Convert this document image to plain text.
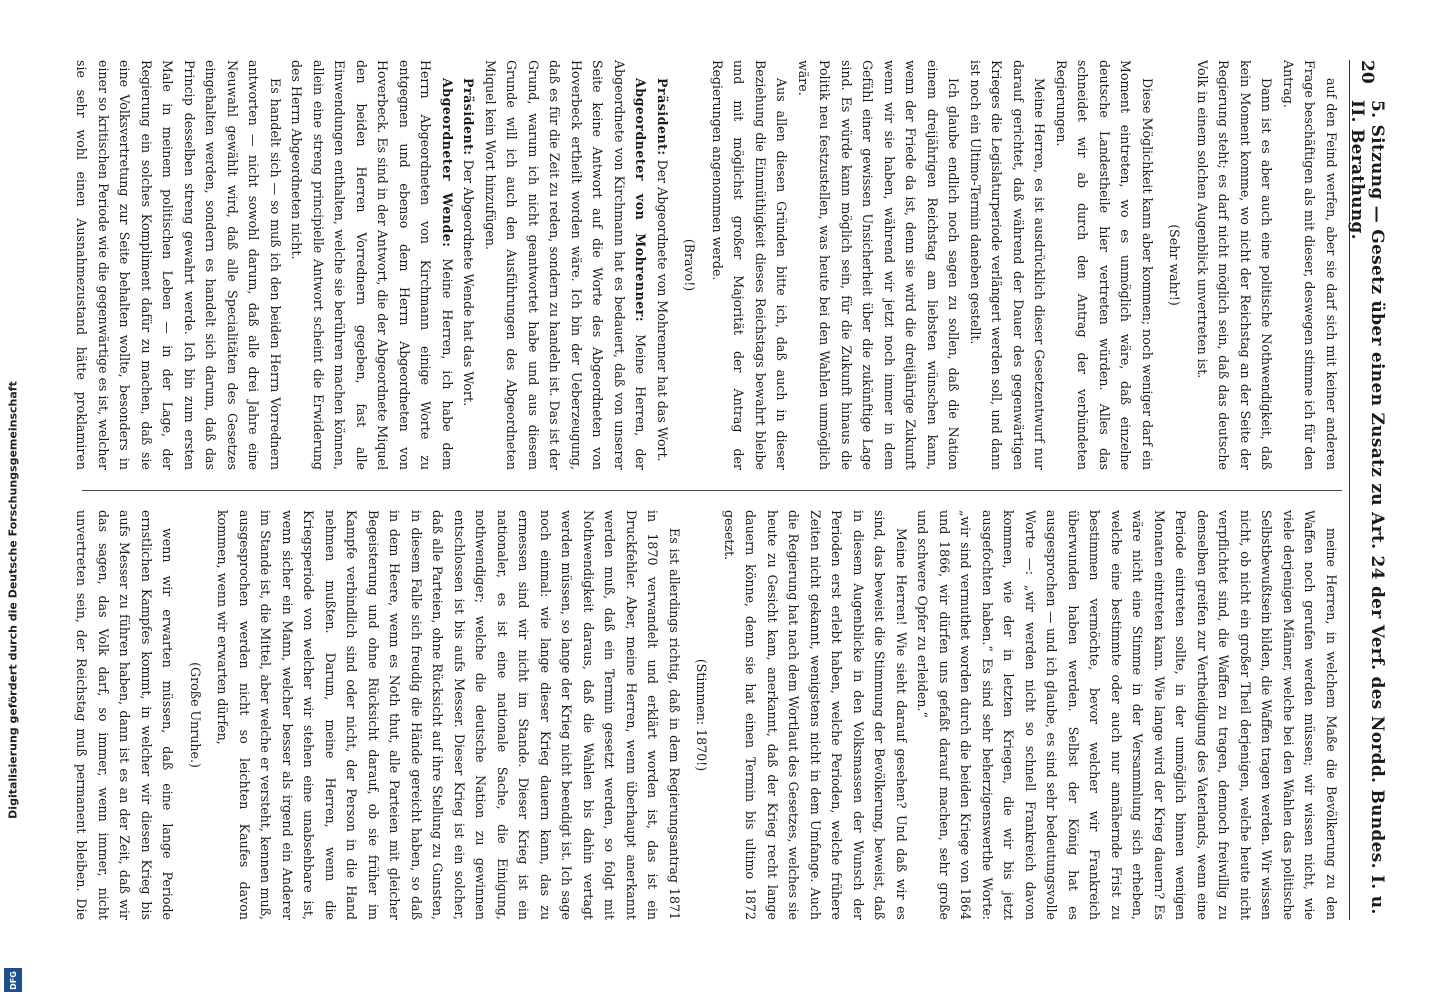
Digitalisierung gefördert durch die Deutsche Forschungsgemeinschaft
DFG
20
5. Sitzung — Gesetz über einen Zusatz zu Art. 24 der Verf. des Nordd. Bundes. I. u. II. Berathung.

auf den Feind werfen, aber sie darf sich mit keiner anderen Frage beschäftigen als mit dieser, deswegen stimme ich für den Antrag.

Dann ist es aber auch eine politische Nothwendigkeit, daß kein Moment komme, wo nicht der Reichstag an der Seite der Regierung steht; es darf nicht möglich sein, daß das deutsche Volk in einem solchen Augenblick unvertreten ist.

(Sehr wahr!)

Diese Möglichkeit kann aber kommen; noch weniger darf ein Moment eintreten, wo es unmöglich wäre, daß einzelne deutsche Landestheile hier vertreten würden. Alles das schneidet wir ab durch den Antrag der verbündeten Regierungen.

Meine Herren, es ist ausdrücklich dieser Gesetzentwurf nur darauf gerichtet, daß während der Dauer des gegenwärtigen Krieges die Legislaturperiode verlängert werden soll, und dann ist noch ein Ultimo-Termin daneben gestellt.

Ich glaube endlich noch sagen zu sollen, daß die Nation einem dreijährigen Reichstag am liebsten wünschen kann, wenn der Friede da ist, denn sie wird die dreijährige Zukunft wenn wir sie haben, während wir jetzt noch immer in dem Gefühl einer gewissen Unsicherheit über die zukünftige Lage sind. Es würde kann möglich sein, für die Zukunft hinaus die Politik neu festzustellen, was heute bei den Wahlen unmöglich wäre.

Aus allen diesen Gründen bitte ich, daß auch in dieser Beziehung die Einmüthigkeit dieses Reichstags bewahrt bleibe und mit möglichst großer Majorität der Antrag der Regierungen angenommen werde.

(Bravo!)

Präsident: Der Abgeordnete von Mohrenner hat das Wort.

Abgeordneter von Mohrenner: Meine Herren, der Abgeordnete von Kirchmann hat es bedauert, daß von unserer Seite keine Antwort auf die Worte des Abgeordneten von Hoverbeck ertheilt worden wäre. Ich bin der Ueberzeugung, daß es für die Zeit zu reden, sondern zu handeln ist. Das ist der Grund, warum ich nicht geantwortet habe und aus diesem Grunde will ich auch den Ausführungen des Abgeordneten Miquel kein Wort hinzufügen.

Präsident: Der Abgeordnete Wende hat das Wort.

Abgeordneter Wende: Meine Herren, ich habe dem Herrn Abgeordneten von Kirchmann einige Worte zu entgegnen und ebenso dem Herrn Abgeordneten von Hoverbeck. Es sind in der Antwort, die der Abgeordnete Miquel den beiden Herren Vorrednern gegeben, fast alle Einwendungen enthalten, welche sie berühren machen können, allein eine streng principielle Antwort scheint die Erwiderung des Herrn Abgeordneten nicht.

Es handelt sich — so muß ich den beiden Herrn Vorrednern antworten — nicht sowohl darum, daß alle drei Jahre eine Neuwahl gewählt wird, daß alle Specialitäten des Gesetzes eingehalten werden, sondern es handelt sich darum, daß das Princip desselben streng gewahrt werde. Ich bin zum ersten Male in meinem politischen Leben — in der Lage, der Regierung ein solches Kompliment dafür zu machen, daß sie eine Volksvertretung zur Seite behalten wollte, besonders in einer so kritischen Periode wie die gegenwärtige es ist, welcher sie sehr wohl einen Ausnahmezustand hätte proklamiren

meine Herren, in welchem Maße die Bevölkerung zu den Waffen noch gerufen werden müssen; wir wissen nicht, wie viele derjenigen Männer, welche bei den Wahlen das politische Selbstbewußtsein bilden, die Waffen tragen werden. Wir wissen nicht, ob nicht ein großer Theil derjenigen, welche heute nicht verpflichtet sind, die Waffen zu tragen, dennoch freiwillig zu denselben greifen zur Vertheidigung des Vaterlands, wenn eine Periode eintreten sollte, in der unmöglich binnen wenigen Monaten eintreten kann. Wie lange wird der Krieg dauern? Es wäre nicht eine Stimme in der Versammlung sich erheben, welche eine bestimmte oder auch nur annähernde Frist zu bestimmen vermöchte, bevor welcher wir Frankreich überwunden haben werden. Selbst der König hat es ausgesprochen — und ich glaube, es sind sehr bedeutungsvolle Worte —: „wir werden nicht so schnell Frankreich davon kommen, wie der in letzten Kriegen, die wir bis jetzt ausgefochten haben.“ Es sind sehr beherzigenswerthe Worte: „wir sind vermuthet worden durch die beiden Kriege von 1864 und 1866, wir dürfen uns gefaßt darauf machen, sehr große und schwere Opfer zu erleiden.“

Meine Herren! Wie sieht darauf gesehen? Und daß wir es sind, das beweist die Stimmung der Bevölkerung, beweist, daß in diesem Augenblicke in den Volksmassen der Wunsch der Perioden erst erlebt haben, welche Perioden, welche frühere Zeiten nicht gekannt, wenigstens nicht in dem Umfange. Auch die Regierung hat nach dem Wortlaut des Gesetzes, welches sie heute zu Gesicht kam, anerkannt, daß der Krieg recht lange dauern könne, denn sie hat einen Termin bis ultimo 1872 gesetzt.

(Stimmen: 1870!)

Es ist allerdings richtig, daß in dem Regierungsantrag 1871 in 1870 verwandelt und erklärt worden ist, das ist ein Druckfehler. Aber, meine Herren, wenn überhaupt anerkannt werden muß, daß ein Termin gesetzt werden, so folgt mit Nothwendigkeit daraus, daß die Wahlen bis dahin vertagt werden müssen, so lange der Krieg nicht beendigt ist. Ich sage noch einmal: wie lange dieser Krieg dauern kann, das zu ermessen sind wir nicht im Stande. Dieser Krieg ist ein nationaler, es ist eine nationale Sache, die Einigung, nothwendiger; welche die deutsche Nation zu gewinnen entschlossen ist bis aufs Messer. Dieser Krieg ist ein solcher, daß alle Parteien, ohne Rücksicht auf ihre Stellung zu Gunsten, in diesem Falle sich freudig die Hände gereicht haben, so daß in dem Heere, wenn es Noth thut, alle Parteien mit gleicher Begeisterung und ohne Rücksicht darauf, ob sie früher im Kampfe verbindlich sind oder nicht, der Person in die Hand nehmen mußten. Darum, meine Herren, wenn die Kriegsperiode von welcher wir stehen eine unabsehbare ist, wenn sicher ein Mann, welcher besser als irgend ein Anderer im Stande ist, die Mittel, aber welche er versteht, kennen muß, ausgesprochen werden nicht so leichten Kaufes davon kommen, wenn wir erwarten dürfen,

(Große Unruhe.)

wenn wir erwarten müssen, daß eine lange Periode ernstlichen Kampfes kommt, in welcher wir diesen Krieg bis aufs Messer zu führen haben, dann ist es an der Zeit, daß wir das sagen, das Volk darf, so immer, wenn immer, nicht unvertreten sein, der Reichstag muß permanent bleiben. Die
